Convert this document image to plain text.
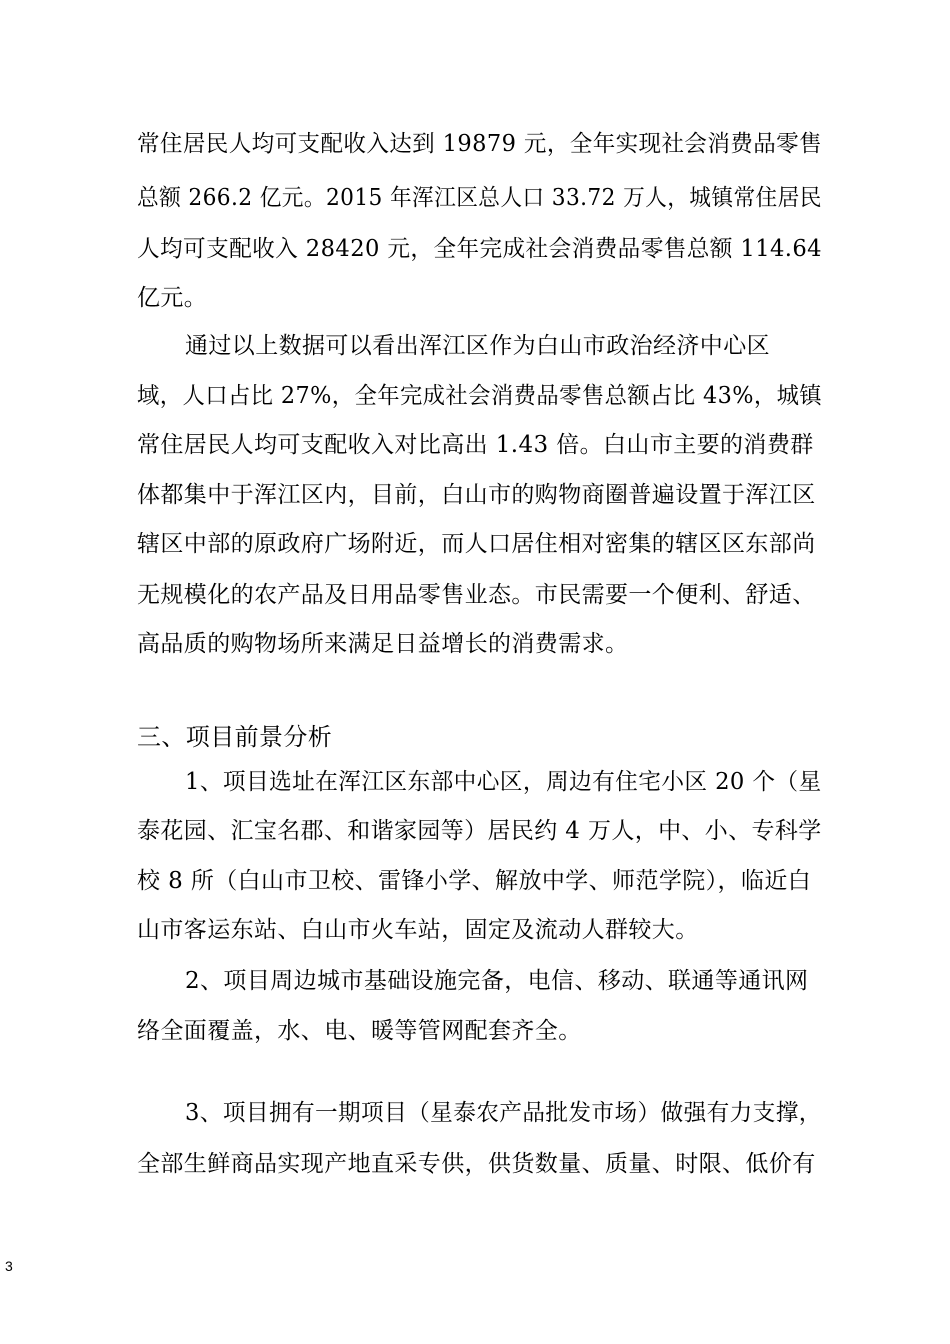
常住居民人均可支配收入达到 19879 元，全年实现社会消费品零售
总额 266.2 亿元。2015 年浑江区总人口 33.72 万人，城镇常住居民
人均可支配收入 28420 元，全年完成社会消费品零售总额 114.64
亿元。
通过以上数据可以看出浑江区作为白山市政治经济中心区
域，人口占比 27%，全年完成社会消费品零售总额占比 43%，城镇
常住居民人均可支配收入对比高出 1.43 倍。白山市主要的消费群
体都集中于浑江区内，目前，白山市的购物商圈普遍设置于浑江区
辖区中部的原政府广场附近，而人口居住相对密集的辖区区东部尚
无规模化的农产品及日用品零售业态。市民需要一个便利、舒适、
高品质的购物场所来满足日益增长的消费需求。
三、项目前景分析
1、项目选址在浑江区东部中心区，周边有住宅小区 20 个（星
泰花园、汇宝名郡、和谐家园等）居民约 4 万人，中、小、专科学
校 8 所（白山市卫校、雷锋小学、解放中学、师范学院），临近白
山市客运东站、白山市火车站，固定及流动人群较大。
2、项目周边城市基础设施完备，电信、移动、联通等通讯网
络全面覆盖，水、电、暖等管网配套齐全。
3、项目拥有一期项目（星泰农产品批发市场）做强有力支撑，
全部生鲜商品实现产地直采专供，供货数量、质量、时限、低价有
3
